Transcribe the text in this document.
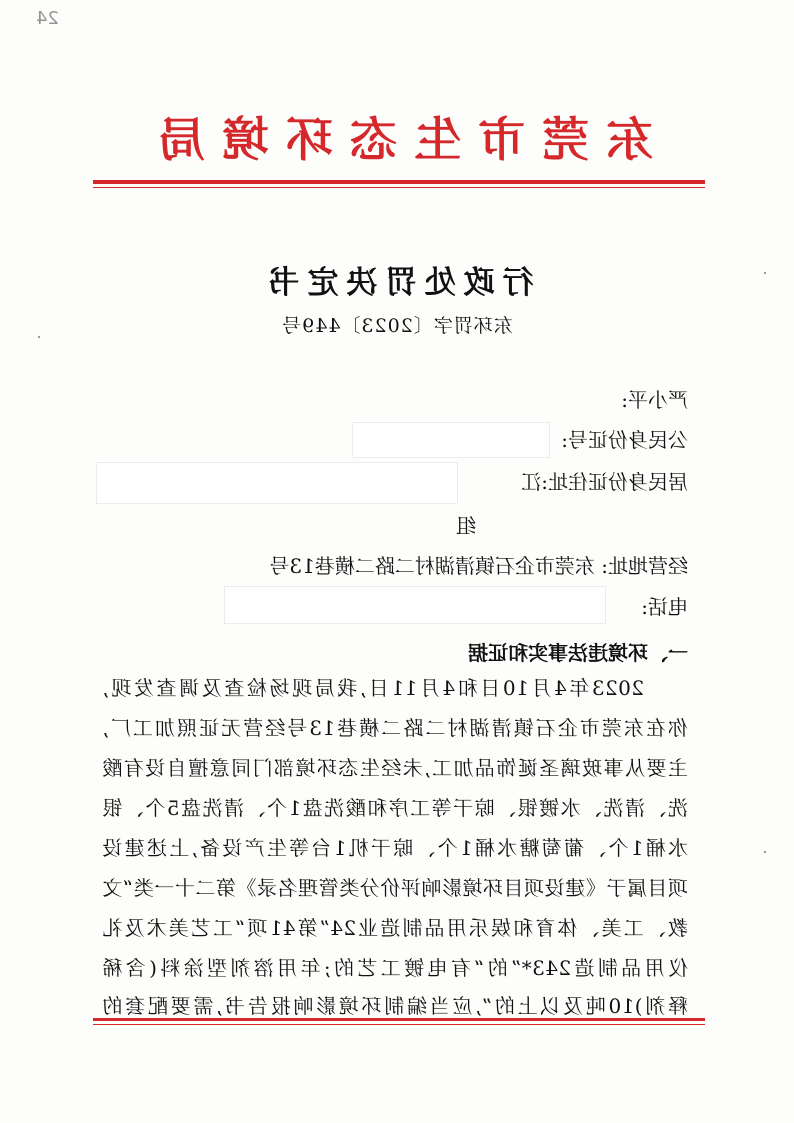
24
东莞市生态环境局
行政处罚决定书
东环罚字〔2023〕449号
严小平:
公民身份证号:
居民身份证住址:江
组
经营地址: 东莞市企石镇清湖村二路二横巷13号
电话:
一、环境违法事实和证据
2023年4月10日和4月11日,我局现场检查及调查发现,
你在东莞市企石镇清湖村二路二横巷13号经营无证照加工厂,
主要从事玻璃圣诞饰品加工,未经生态环境部门同意擅自设有酸
洗、清洗、水镀银、晾干等工序和酸洗盘1个、清洗盘5个、银
水桶1个、葡萄糖水桶1个、晾干机1台等生产设备,上述建设
项目属于《建设项目环境影响评价分类管理名录》第二十一类“文
教、工美、体育和娱乐用品制造业24”第41项“工艺美术及礼
仪用品制造243*”的“有电镀工艺的;年用溶剂型涂料(含稀
释剂)10吨及以上的”,应当编制环境影响报告书,需要配套的
